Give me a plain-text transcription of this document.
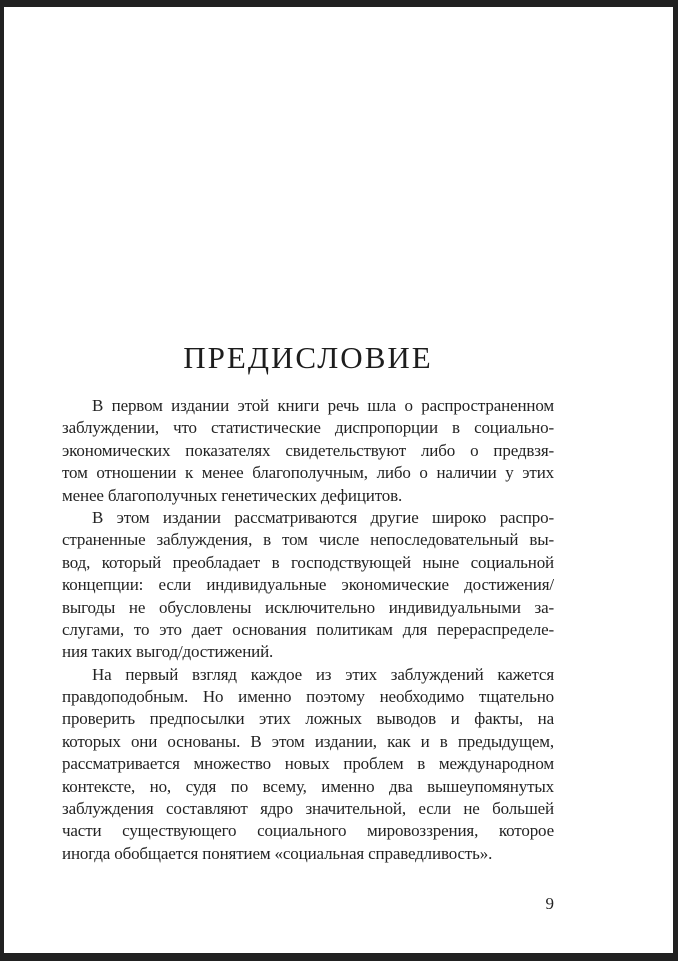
ПРЕДИСЛОВИЕ

В первом издании этой книги речь шла о распространенном
заблуждении, что статистические диспропорции в социально-
экономических показателях свидетельствуют либо о предвзя-
том отношении к менее благополучным, либо о наличии у этих
менее благополучных генетических дефицитов.

В этом издании рассматриваются другие широко распро-
страненные заблуждения, в том числе непоследовательный вы-
вод, который преобладает в господствующей ныне социальной
концепции: если индивидуальные экономические достижения/
выгоды не обусловлены исключительно индивидуальными за-
слугами, то это дает основания политикам для перераспределе-
ния таких выгод/достижений.

На первый взгляд каждое из этих заблуждений кажется
правдоподобным. Но именно поэтому необходимо тщательно
проверить предпосылки этих ложных выводов и факты, на
которых они основаны. В этом издании, как и в предыдущем,
рассматривается множество новых проблем в международном
контексте, но, судя по всему, именно два вышеупомянутых
заблуждения составляют ядро значительной, если не большей
части существующего социального мировоззрения, которое
иногда обобщается понятием «социальная справедливость».

9
